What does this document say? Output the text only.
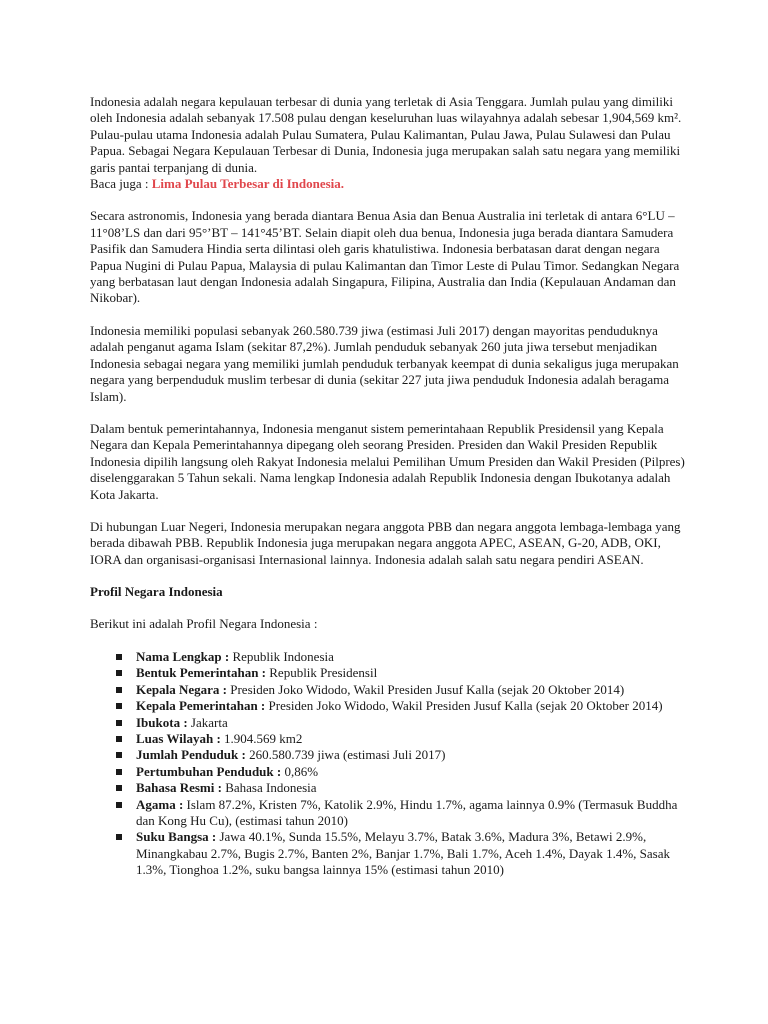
Indonesia adalah negara kepulauan terbesar di dunia yang terletak di Asia Tenggara. Jumlah pulau yang dimiliki oleh Indonesia adalah sebanyak 17.508 pulau dengan keseluruhan luas wilayahnya adalah sebesar 1,904,569 km². Pulau-pulau utama Indonesia adalah Pulau Sumatera, Pulau Kalimantan, Pulau Jawa, Pulau Sulawesi dan Pulau Papua. Sebagai Negara Kepulauan Terbesar di Dunia, Indonesia juga merupakan salah satu negara yang memiliki garis pantai terpanjang di dunia.

Baca juga : Lima Pulau Terbesar di Indonesia.

Secara astronomis, Indonesia yang berada diantara Benua Asia dan Benua Australia ini terletak di antara 6°LU – 11°08’LS dan dari 95°’BT – 141°45’BT. Selain diapit oleh dua benua, Indonesia juga berada diantara Samudera Pasifik dan Samudera Hindia serta dilintasi oleh garis khatulistiwa. Indonesia berbatasan darat dengan negara Papua Nugini di Pulau Papua, Malaysia di pulau Kalimantan dan Timor Leste di Pulau Timor. Sedangkan Negara yang berbatasan laut dengan Indonesia adalah Singapura, Filipina, Australia dan India (Kepulauan Andaman dan Nikobar).

Indonesia memiliki populasi sebanyak 260.580.739 jiwa (estimasi Juli 2017) dengan mayoritas penduduknya adalah penganut agama Islam (sekitar 87,2%). Jumlah penduduk sebanyak 260 juta jiwa tersebut menjadikan Indonesia sebagai negara yang memiliki jumlah penduduk terbanyak keempat di dunia sekaligus juga merupakan negara yang berpenduduk muslim terbesar di dunia (sekitar 227 juta jiwa penduduk Indonesia adalah beragama Islam).

Dalam bentuk pemerintahannya, Indonesia menganut sistem pemerintahaan Republik Presidensil yang Kepala Negara dan Kepala Pemerintahannya dipegang oleh seorang Presiden. Presiden dan Wakil Presiden Republik Indonesia dipilih langsung oleh Rakyat Indonesia melalui Pemilihan Umum Presiden dan Wakil Presiden (Pilpres) diselenggarakan 5 Tahun sekali. Nama lengkap Indonesia adalah Republik Indonesia dengan Ibukotanya adalah Kota Jakarta.

Di hubungan Luar Negeri, Indonesia merupakan negara anggota PBB dan negara anggota lembaga-lembaga yang berada dibawah PBB. Republik Indonesia juga merupakan negara anggota APEC, ASEAN, G-20, ADB, OKI, IORA dan organisasi-organisasi Internasional lainnya. Indonesia adalah salah satu negara pendiri ASEAN.

Profil Negara Indonesia

Berikut ini adalah Profil Negara Indonesia :

Nama Lengkap : Republik Indonesia
Bentuk Pemerintahan : Republik Presidensil
Kepala Negara : Presiden Joko Widodo, Wakil Presiden Jusuf Kalla (sejak 20 Oktober 2014)
Kepala Pemerintahan : Presiden Joko Widodo, Wakil Presiden Jusuf Kalla (sejak 20 Oktober 2014)
Ibukota : Jakarta
Luas Wilayah : 1.904.569 km2
Jumlah Penduduk : 260.580.739 jiwa (estimasi Juli 2017)
Pertumbuhan Penduduk : 0,86%
Bahasa Resmi : Bahasa Indonesia
Agama : Islam 87.2%, Kristen 7%, Katolik 2.9%, Hindu 1.7%, agama lainnya 0.9% (Termasuk Buddha dan Kong Hu Cu), (estimasi tahun 2010)
Suku Bangsa : Jawa 40.1%, Sunda 15.5%, Melayu 3.7%, Batak 3.6%, Madura 3%, Betawi 2.9%, Minangkabau 2.7%, Bugis 2.7%, Banten 2%, Banjar 1.7%, Bali 1.7%, Aceh 1.4%, Dayak 1.4%, Sasak 1.3%, Tionghoa 1.2%, suku bangsa lainnya 15% (estimasi tahun 2010)
